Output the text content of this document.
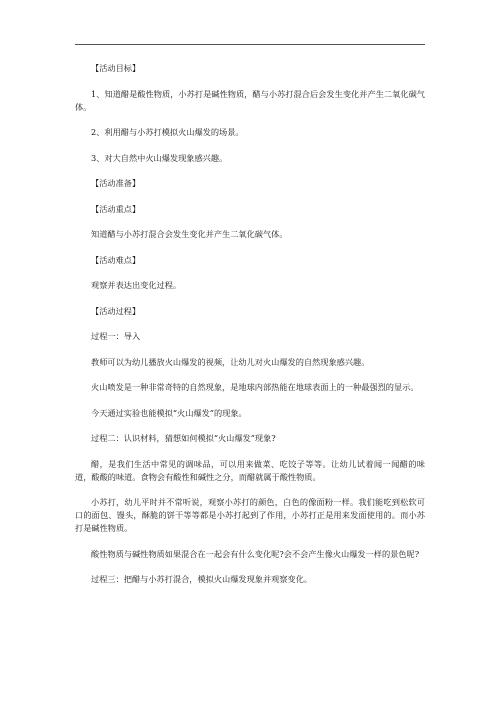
【活动目标】

1、知道醋是酸性物质，小苏打是碱性物质，醋与小苏打混合后会发生变化并产生二氧化碳气体。

2、利用醋与小苏打模拟火山爆发的场景。

3、对大自然中火山爆发现象感兴趣。

【活动准备】

【活动重点】

知道醋与小苏打混合会发生变化并产生二氧化碳气体。

【活动难点】

观察并表达出变化过程。

【活动过程】

过程一：导入

教师可以为幼儿播放火山爆发的视频，让幼儿对火山爆发的自然现象感兴趣。

火山喷发是一种非常奇特的自然现象，是地球内部热能在地球表面上的一种最强烈的显示。

今天通过实验也能模拟“火山爆发”的现象。

过程二：认识材料，猜想如何模拟“火山爆发”现象?

醋，是我们生活中常见的调味品，可以用来做菜、吃饺子等等。让幼儿试着闻一闻醋的味道，酸酸的味道。食物会有酸性和碱性之分，而醋就属于酸性物质。

小苏打，幼儿平时并不常听说，观察小苏打的颜色，白色的像面粉一样。我们能吃到松软可口的面包、馒头，酥脆的饼干等等都是小苏打起到了作用，小苏打正是用来发面使用的。而小苏打是碱性物质。

酸性物质与碱性物质如果混合在一起会有什么变化呢?会不会产生像火山爆发一样的景色呢?

过程三：把醋与小苏打混合，模拟火山爆发现象并观察变化。
